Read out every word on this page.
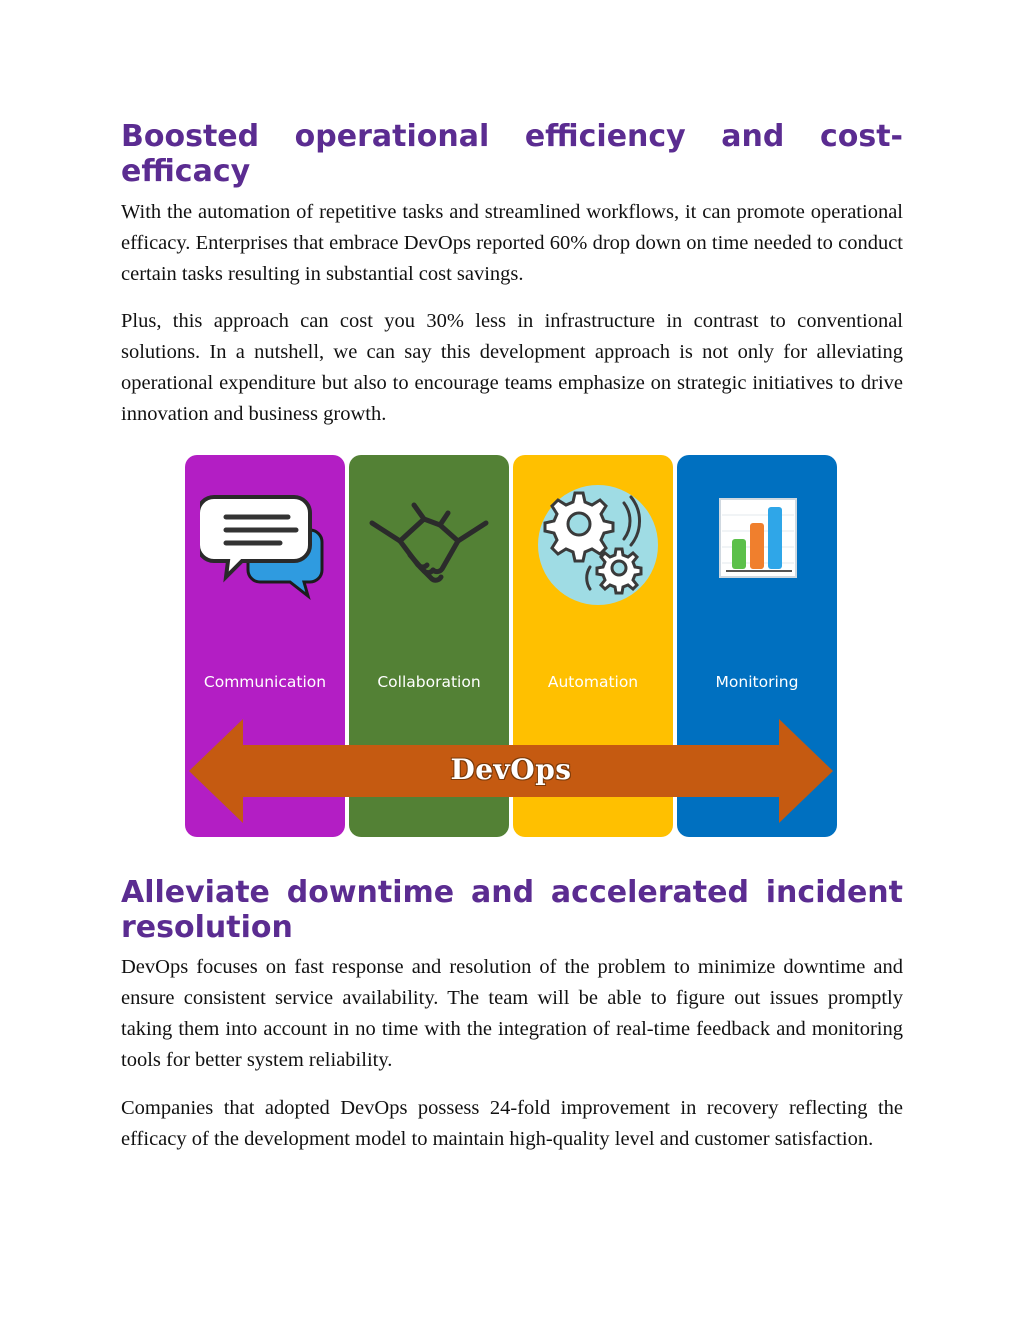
Boosted operational efficiency and cost-efficacy

With the automation of repetitive tasks and streamlined workflows, it can promote operational efficacy. Enterprises that embrace DevOps reported 60% drop down on time needed to conduct certain tasks resulting in substantial cost savings.

Plus, this approach can cost you 30% less in infrastructure in contrast to conventional solutions. In a nutshell, we can say this development approach is not only for alleviating operational expenditure but also to encourage teams emphasize on strategic initiatives to drive innovation and business growth.

Alleviate downtime and accelerated incident resolution

DevOps focuses on fast response and resolution of the problem to minimize downtime and ensure consistent service availability. The team will be able to figure out issues promptly taking them into account in no time with the integration of real-time feedback and monitoring tools for better system reliability.

Companies that adopted DevOps possess 24-fold improvement in recovery reflecting the efficacy of the development model to maintain high-quality level and customer satisfaction.

Communication	Collaboration	Automation	Monitoring
DevOps
